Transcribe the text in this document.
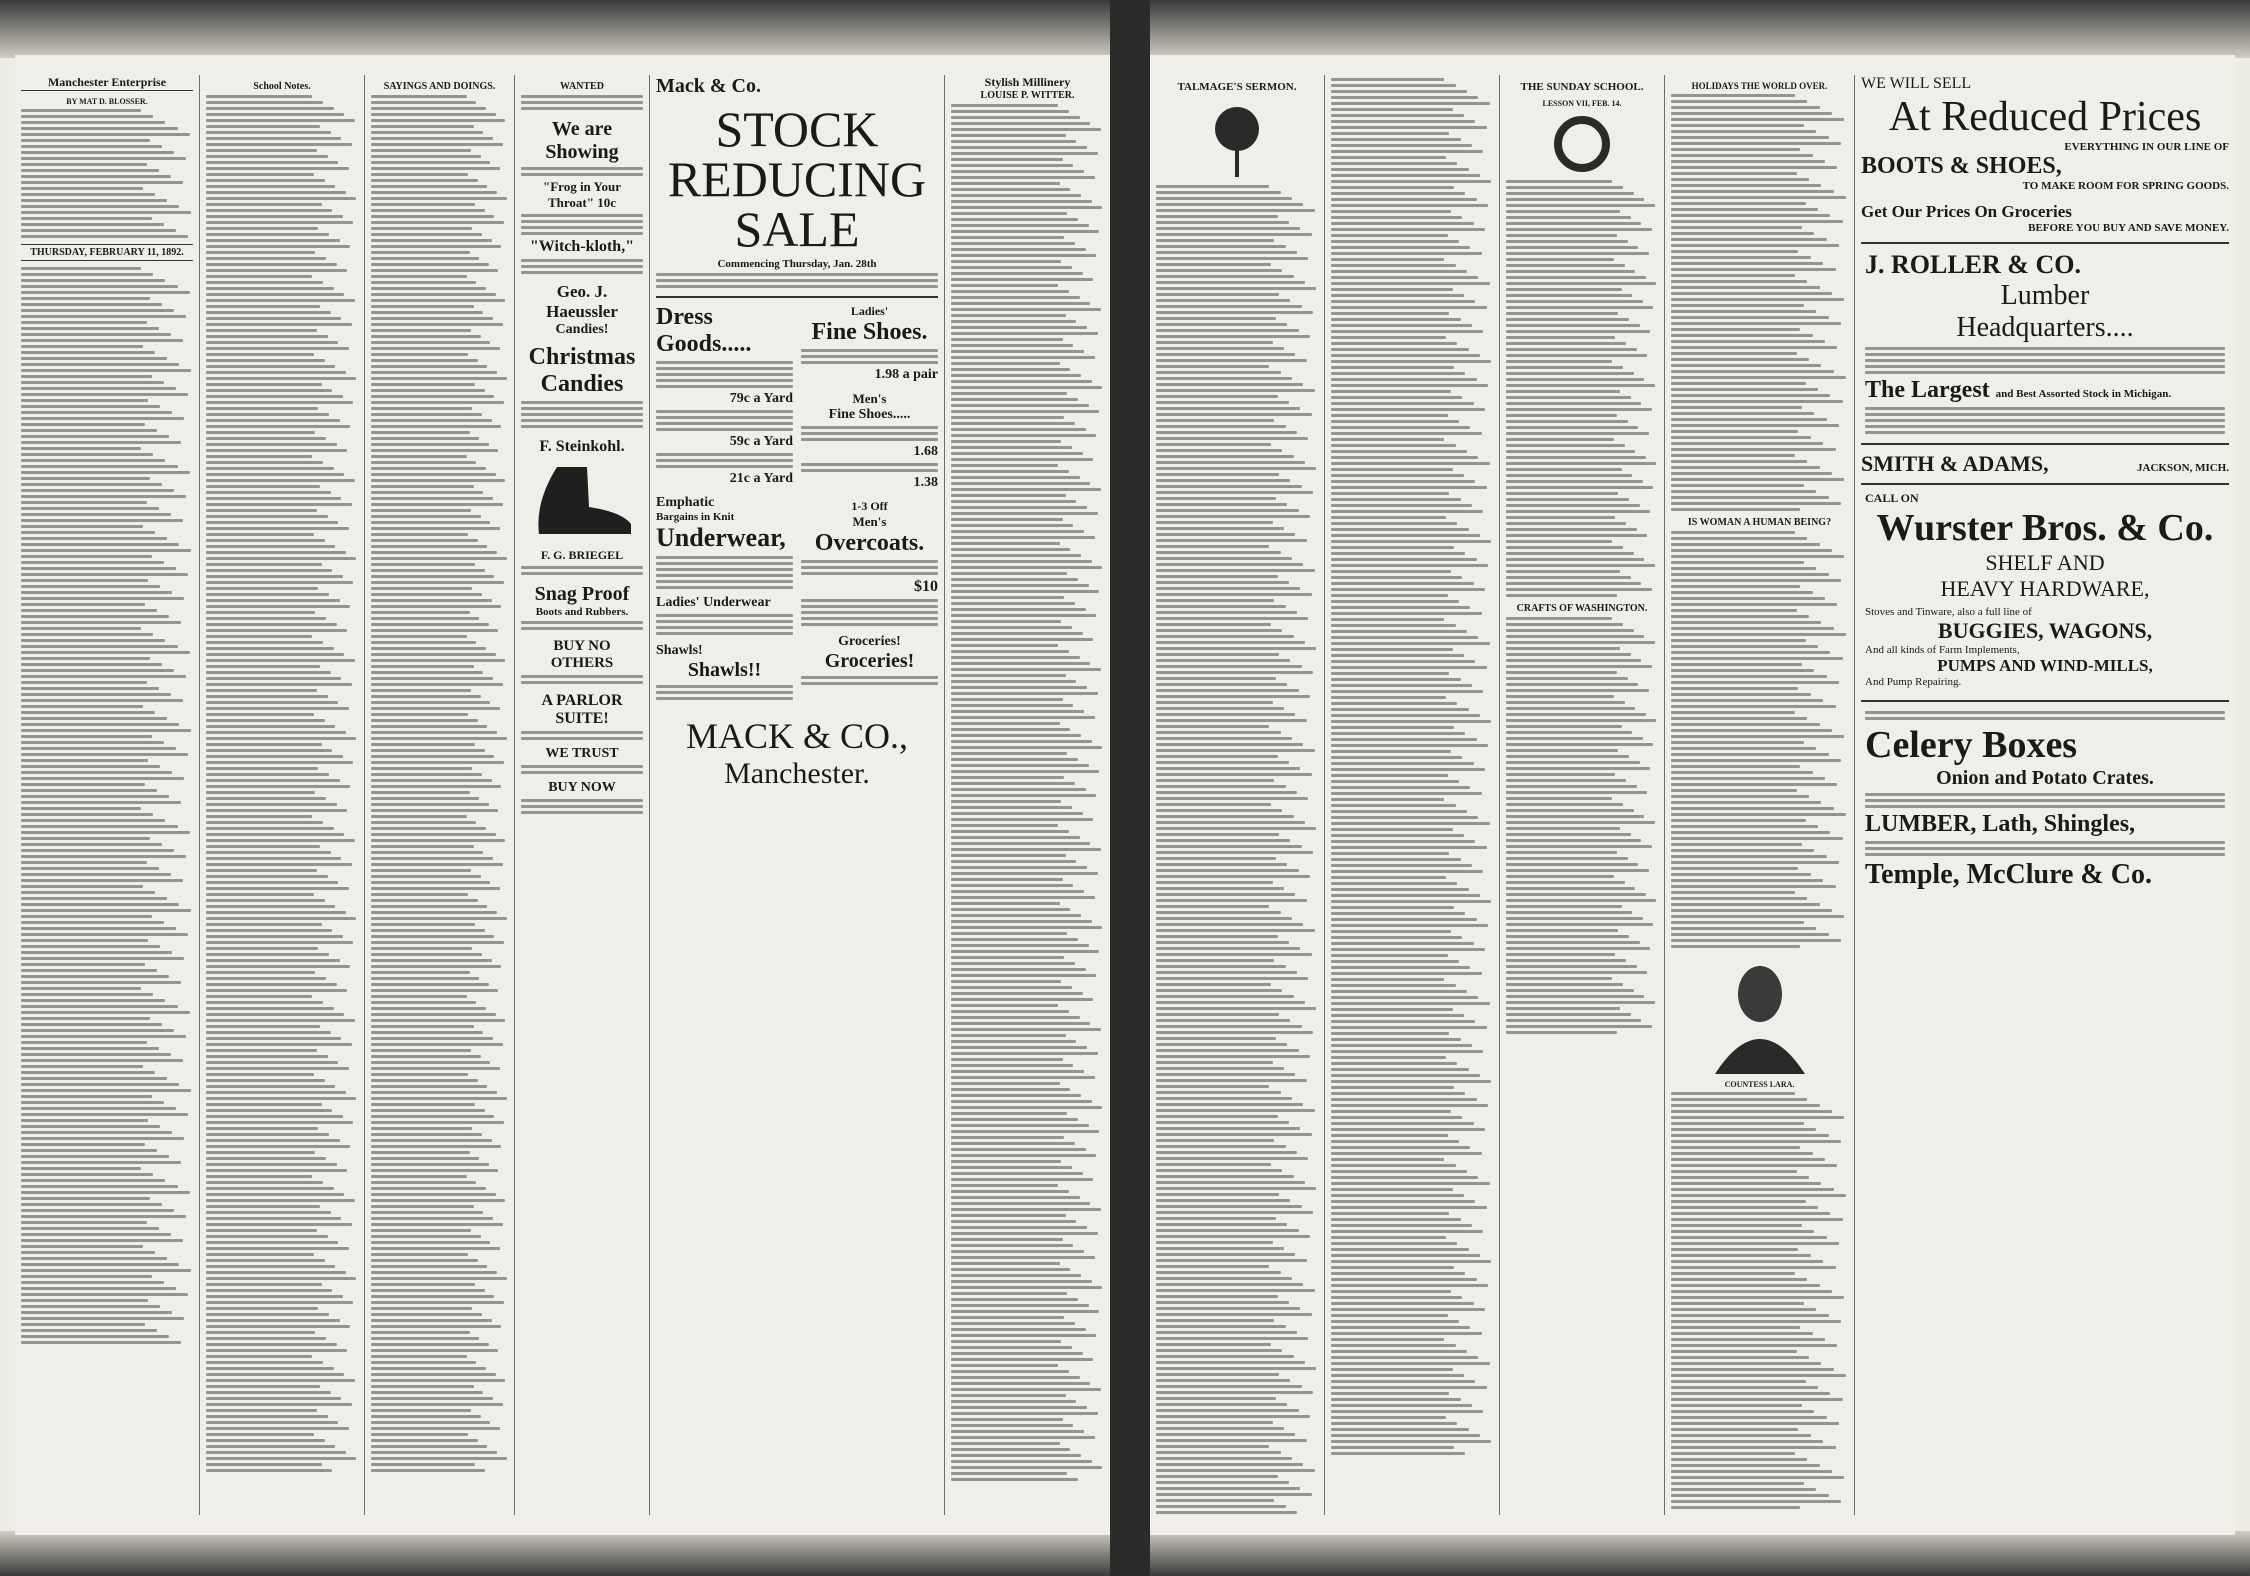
Manchester Enterprise
BY MAT D. BLOSSER.
THURSDAY, FEBRUARY 11, 1892.
School Notes.	SAYINGS AND DOINGS.	WANTED
We are Showing
"Frog in Your Throat" 10c
"Witch-kloth,"
Geo. J. Haeussler
Candies!
Christmas
Candies
F. Steinkohl.
F. G. BRIEGEL
Snag Proof
Boots and Rubbers.
BUY NO OTHERS
A PARLOR SUITE!
WE TRUST
BUY NOW
Mack & Co.
STOCK
REDUCING
SALE
Commencing Thursday, Jan. 28th
Dress Goods.....
79c a Yard
59c a Yard
21c a Yard
Emphatic
Bargains in Knit
Underwear,
Ladies' Underwear
Shawls!
Shawls!!
Ladies'
Fine Shoes.
1.98 a pair
Men's
Fine Shoes.....
1.68
1.38
1-3 Off
Men's
Overcoats.
$10
Groceries!
Groceries!
MACK & CO.,
Manchester.
Stylish Millinery
LOUISE P. WITTER.
TALMAGE'S SERMON.	THE SUNDAY SCHOOL.
LESSON VII, FEB. 14.
CRAFTS OF WASHINGTON.
HOLIDAYS THE WORLD OVER.
IS WOMAN A HUMAN BEING?
COUNTESS LARA.
WE WILL SELL
At Reduced Prices
EVERYTHING IN OUR LINE OF
BOOTS & SHOES,
TO MAKE ROOM FOR SPRING GOODS.
Get Our Prices On Groceries
BEFORE YOU BUY AND SAVE MONEY.
J. ROLLER & CO.
Lumber
Headquarters....
The Largest and Best Assorted Stock in Michigan.
SMITH & ADAMS,	JACKSON, MICH.
CALL ON
Wurster Bros. & Co.
SHELF AND
HEAVY HARDWARE,
Stoves and Tinware, also a full line of
BUGGIES, WAGONS,
And all kinds of Farm Implements,
PUMPS AND WIND-MILLS,
And Pump Repairing.
Celery Boxes
Onion and Potato Crates.
LUMBER, Lath, Shingles,
Temple, McClure & Co.
